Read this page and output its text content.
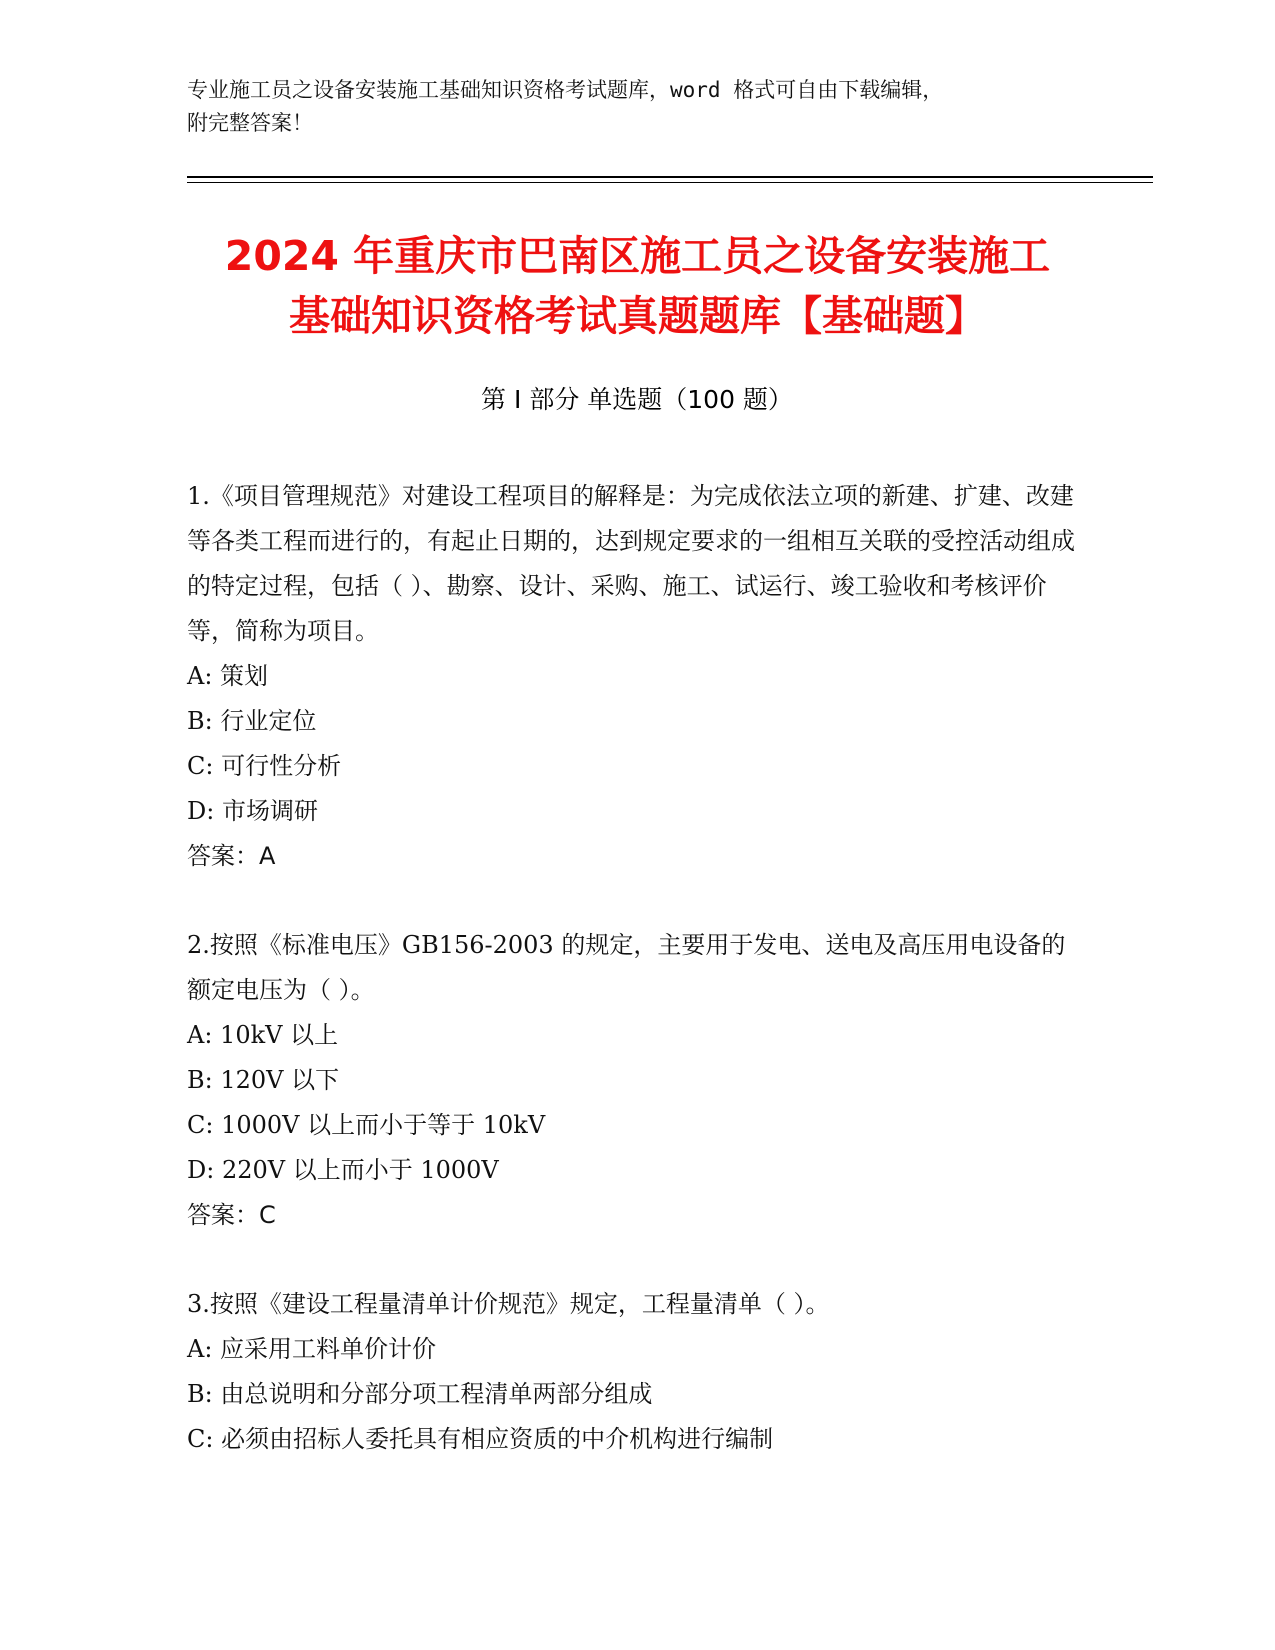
专业施工员之设备安装施工基础知识资格考试题库，word 格式可自由下载编辑，
附完整答案！
2024 年重庆市巴南区施工员之设备安装施工
基础知识资格考试真题题库【基础题】
第 I 部分 单选题（100 题）

1.《项目管理规范》对建设工程项目的解释是：为完成依法立项的新建、扩建、改建等各类工程而进行的，有起止日期的，达到规定要求的一组相互关联的受控活动组成的特定过程，包括（ ）、勘察、设计、采购、施工、试运行、竣工验收和考核评价等，简称为项目。

A: 策划

B: 行业定位

C: 可行性分析

D: 市场调研

答案：A

2.按照《标准电压》GB156-2003 的规定，主要用于发电、送电及高压用电设备的额定电压为（ ）。

A: 10kV 以上

B: 120V 以下

C: 1000V 以上而小于等于 10kV

D: 220V 以上而小于 1000V

答案：C

3.按照《建设工程量清单计价规范》规定，工程量清单（ ）。

A: 应采用工料单价计价

B: 由总说明和分部分项工程清单两部分组成

C: 必须由招标人委托具有相应资质的中介机构进行编制
